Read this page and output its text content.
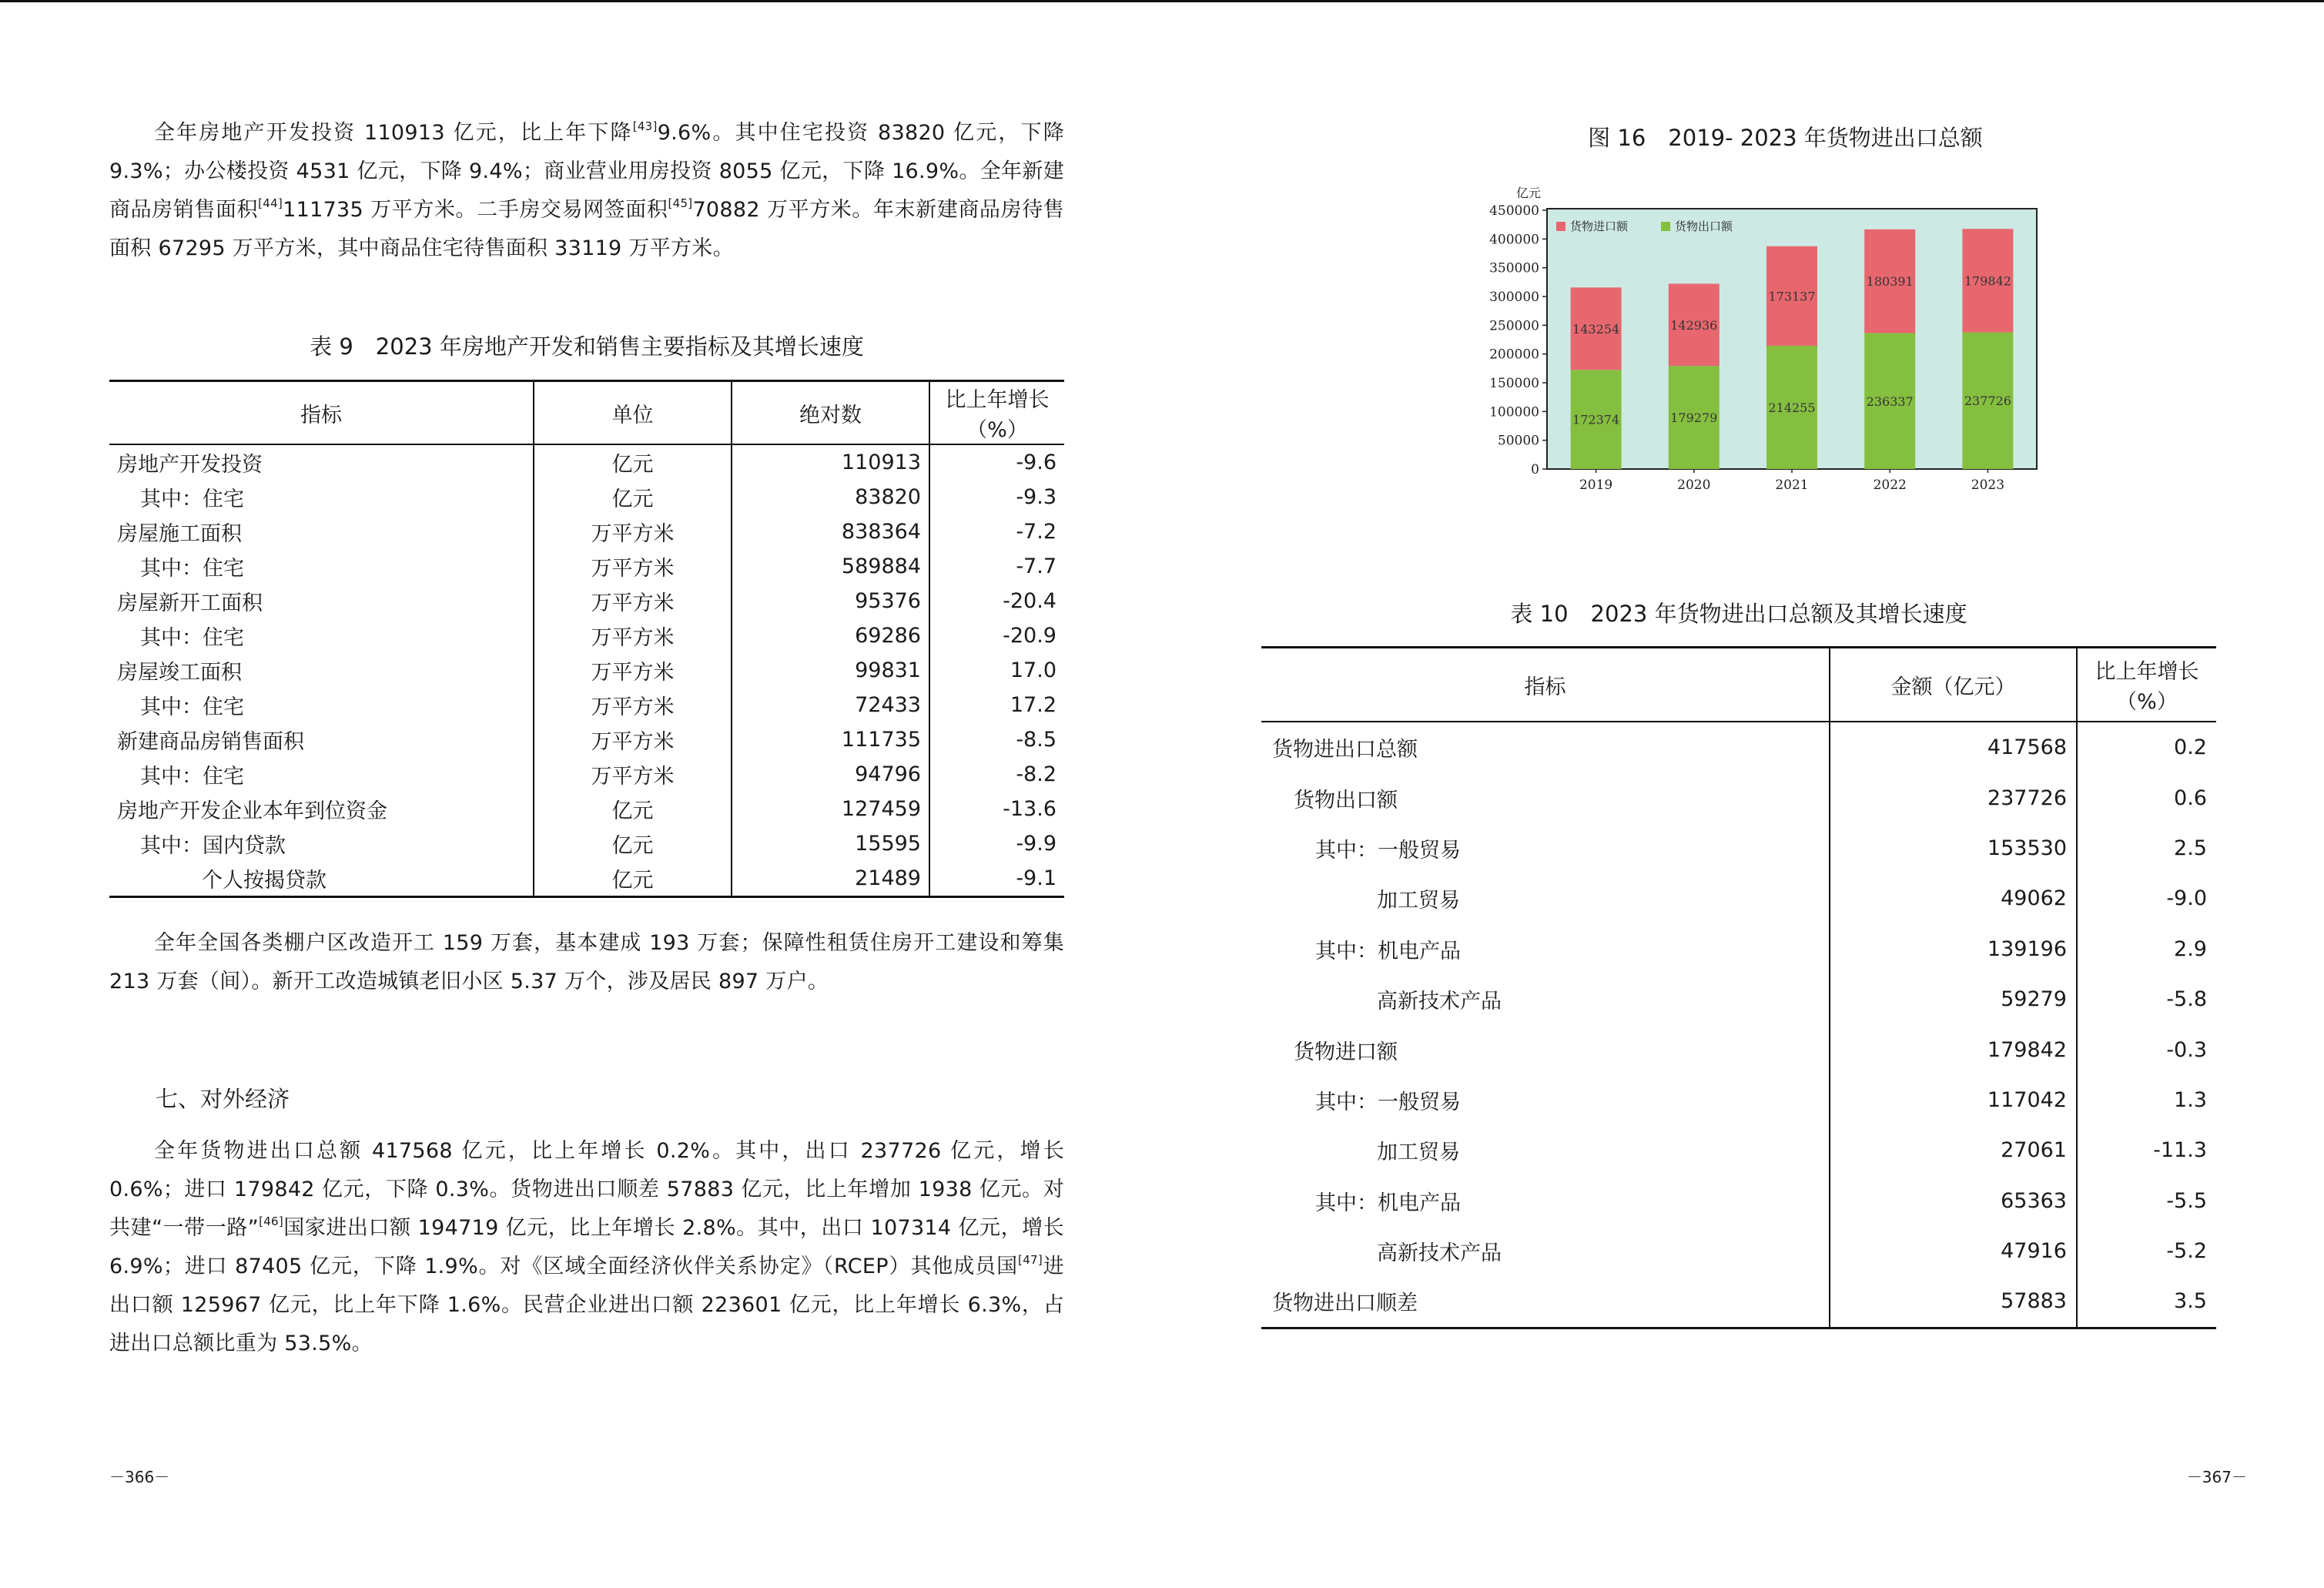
全年房地产开发投资 110913 亿元，比上年下降[43]9.6%。其中住宅投资 83820 亿元，下降 9.3%；办公楼投资 4531 亿元，下降 9.4%；商业营业用房投资 8055 亿元，下降 16.9%。全年新建商品房销售面积[44]111735 万平方米。二手房交易网签面积[45]70882 万平方米。年末新建商品房待售面积 67295 万平方米，其中商品住宅待售面积 33119 万平方米。

表 9　2023 年房地产开发和销售主要指标及其增长速度

指标	单位	绝对数	比上年增长（%）
房地产开发投资	亿元	110913	-9.6
其中：住宅	亿元	83820	-9.3
房屋施工面积	万平方米	838364	-7.2
其中：住宅	万平方米	589884	-7.7
房屋新开工面积	万平方米	95376	-20.4
其中：住宅	万平方米	69286	-20.9
房屋竣工面积	万平方米	99831	17.0
其中：住宅	万平方米	72433	17.2
新建商品房销售面积	万平方米	111735	-8.5
其中：住宅	万平方米	94796	-8.2
房地产开发企业本年到位资金	亿元	127459	-13.6
其中：国内贷款	亿元	15595	-9.9
个人按揭贷款	亿元	21489	-9.1

全年全国各类棚户区改造开工 159 万套，基本建成 193 万套；保障性租赁住房开工建设和筹集 213 万套（间）。新开工改造城镇老旧小区 5.37 万个，涉及居民 897 万户。

七、对外经济

全年货物进出口总额 417568 亿元，比上年增长 0.2%。其中，出口 237726 亿元，增长 0.6%；进口 179842 亿元，下降 0.3%。货物进出口顺差 57883 亿元，比上年增加 1938 亿元。对共建“一带一路”[46]国家进出口额 194719 亿元，比上年增长 2.8%。其中，出口 107314 亿元，增长 6.9%；进口 87405 亿元，下降 1.9%。对《区域全面经济伙伴关系协定》（RCEP）其他成员国[47]进出口额 125967 亿元，比上年下降 1.6%。民营企业进出口额 223601 亿元，比上年增长 6.3%，占进出口总额比重为 53.5%。

－366－

图 16　2019- 2023 年货物进出口总额

亿元
0
50000
100000
150000
200000
250000
300000
350000
400000
450000
172374
143254
2019
179279
142936
2020
214255
173137
2021
236337
180391
2022
237726
179842
2023
货物进口额	货物出口额

表 10　2023 年货物进出口总额及其增长速度

指标	金额（亿元）	比上年增长（%）
货物进出口总额	417568	0.2
货物出口额	237726	0.6
其中：一般贸易	153530	2.5
加工贸易	49062	-9.0
其中：机电产品	139196	2.9
高新技术产品	59279	-5.8
货物进口额	179842	-0.3
其中：一般贸易	117042	1.3
加工贸易	27061	-11.3
其中：机电产品	65363	-5.5
高新技术产品	47916	-5.2
货物进出口顺差	57883	3.5
－367－
